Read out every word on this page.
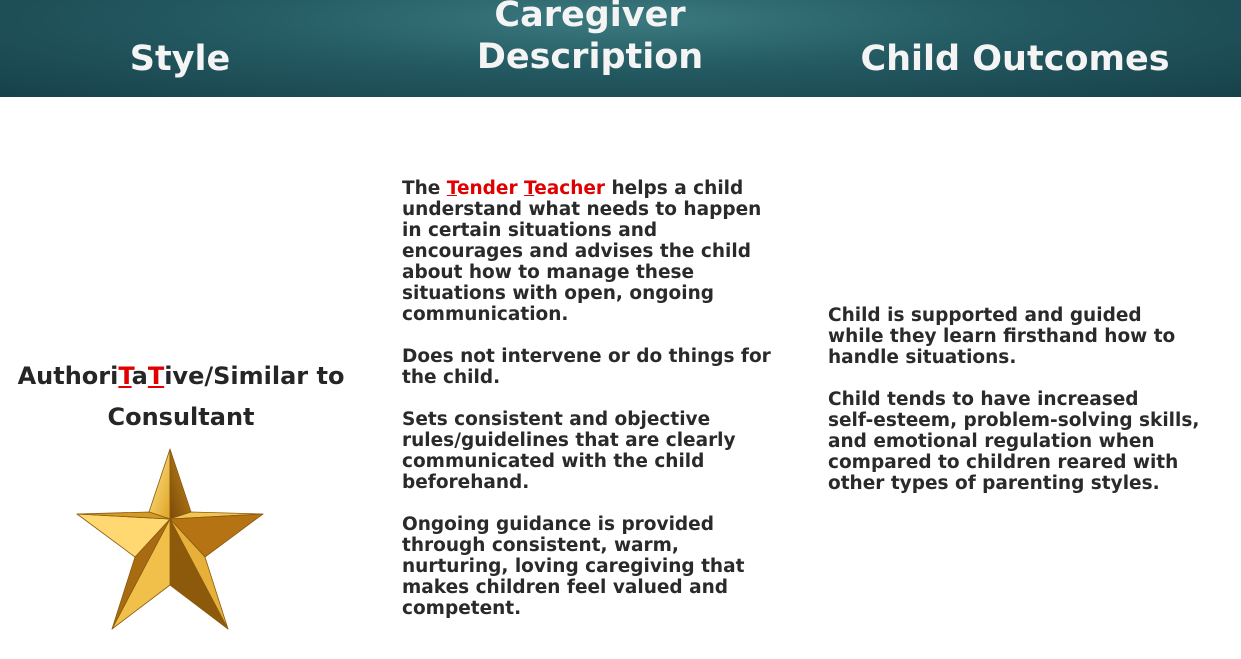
Style
Caregiver
Description	Child Outcomes
AuthoriTaTive/Similar to
Consultant

The Tender Teacher helps a child
understand what needs to happen
in certain situations and
encourages and advises the child
about how to manage these
situations with open, ongoing
communication.

Does not intervene or do things for
the child.

Sets consistent and objective
rules/guidelines that are clearly
communicated with the child
beforehand.

Ongoing guidance is provided
through consistent, warm,
nurturing, loving caregiving that
makes children feel valued and
competent.

Child is supported and guided
while they learn firsthand how to
handle situations.

Child tends to have increased
self-esteem, problem-solving skills,
and emotional regulation when
compared to children reared with
other types of parenting styles.
